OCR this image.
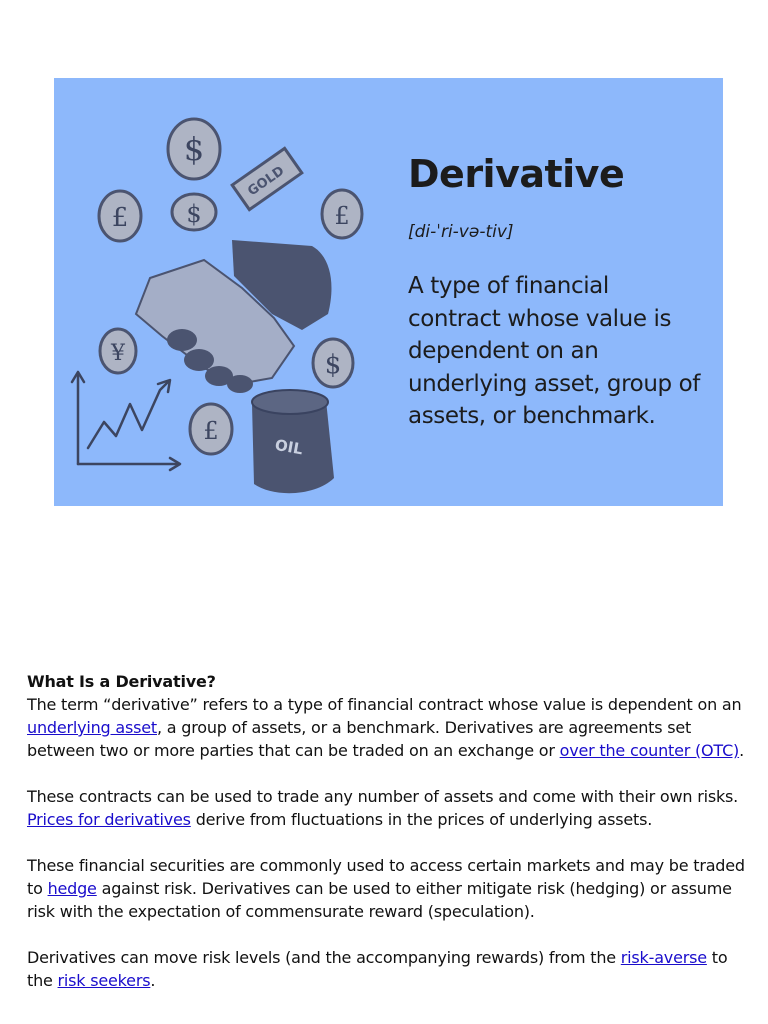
$
$
£	£
¥	$
£
GOLD
OIL
Derivative
[di-ˈri-və-tiv]
A type of financial contract whose value is dependent on an underlying asset, group of assets, or benchmark.
What Is a Derivative?

The term “derivative” refers to a type of financial contract whose value is dependent on an underlying asset, a group of assets, or a benchmark. Derivatives are agreements set between two or more parties that can be traded on an exchange or over the counter (OTC).

These contracts can be used to trade any number of assets and come with their own risks. Prices for derivatives derive from fluctuations in the prices of underlying assets.

These financial securities are commonly used to access certain markets and may be traded to hedge against risk. Derivatives can be used to either mitigate risk (hedging) or assume risk with the expectation of commensurate reward (speculation).

Derivatives can move risk levels (and the accompanying rewards) from the risk-averse to the risk seekers.
